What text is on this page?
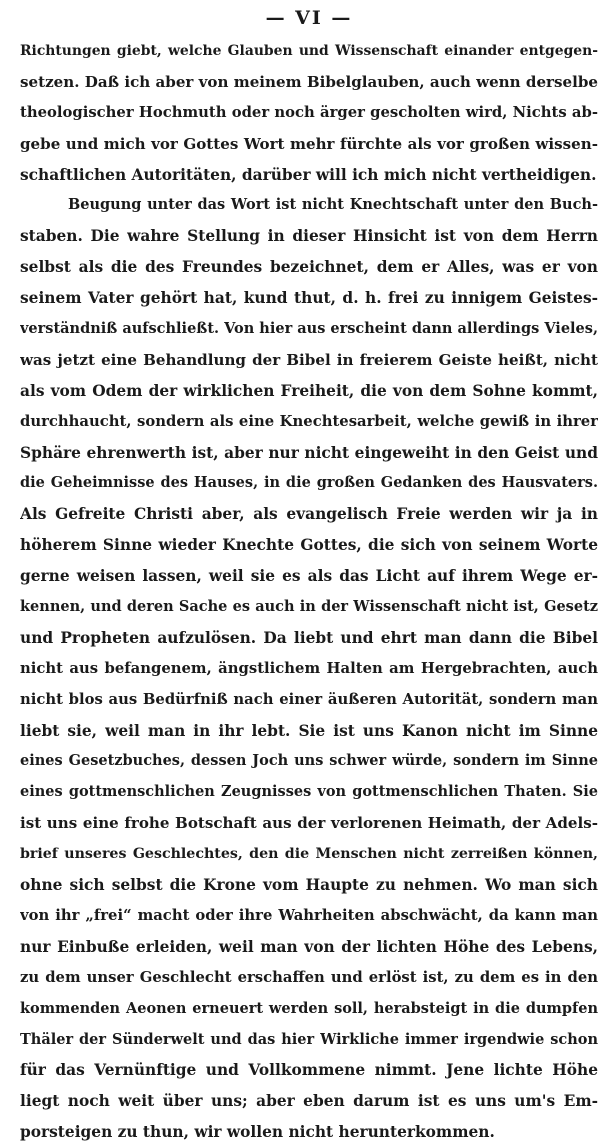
— VI —
Richtungen giebt, welche Glauben und Wissenschaft einander entgegen-
setzen. Daß ich aber von meinem Bibelglauben, auch wenn derselbe
theologischer Hochmuth oder noch ärger gescholten wird, Nichts ab-
gebe und mich vor Gottes Wort mehr fürchte als vor großen wissen-
schaftlichen Autoritäten, darüber will ich mich nicht vertheidigen.
Beugung unter das Wort ist nicht Knechtschaft unter den Buch-
staben. Die wahre Stellung in dieser Hinsicht ist von dem Herrn
selbst als die des Freundes bezeichnet, dem er Alles, was er von
seinem Vater gehört hat, kund thut, d. h. frei zu innigem Geistes-
verständniß aufschließt. Von hier aus erscheint dann allerdings Vieles,
was jetzt eine Behandlung der Bibel in freierem Geiste heißt, nicht
als vom Odem der wirklichen Freiheit, die von dem Sohne kommt,
durchhaucht, sondern als eine Knechtesarbeit, welche gewiß in ihrer
Sphäre ehrenwerth ist, aber nur nicht eingeweiht in den Geist und
die Geheimnisse des Hauses, in die großen Gedanken des Hausvaters.
Als Gefreite Christi aber, als evangelisch Freie werden wir ja in
höherem Sinne wieder Knechte Gottes, die sich von seinem Worte
gerne weisen lassen, weil sie es als das Licht auf ihrem Wege er-
kennen, und deren Sache es auch in der Wissenschaft nicht ist, Gesetz
und Propheten aufzulösen. Da liebt und ehrt man dann die Bibel
nicht aus befangenem, ängstlichem Halten am Hergebrachten, auch
nicht blos aus Bedürfniß nach einer äußeren Autorität, sondern man
liebt sie, weil man in ihr lebt. Sie ist uns Kanon nicht im Sinne
eines Gesetzbuches, dessen Joch uns schwer würde, sondern im Sinne
eines gottmenschlichen Zeugnisses von gottmenschlichen Thaten. Sie
ist uns eine frohe Botschaft aus der verlorenen Heimath, der Adels-
brief unseres Geschlechtes, den die Menschen nicht zerreißen können,
ohne sich selbst die Krone vom Haupte zu nehmen. Wo man sich
von ihr „frei“ macht oder ihre Wahrheiten abschwächt, da kann man
nur Einbuße erleiden, weil man von der lichten Höhe des Lebens,
zu dem unser Geschlecht erschaffen und erlöst ist, zu dem es in den
kommenden Aeonen erneuert werden soll, herabsteigt in die dumpfen
Thäler der Sünderwelt und das hier Wirkliche immer irgendwie schon
für das Vernünftige und Vollkommene nimmt. Jene lichte Höhe
liegt noch weit über uns; aber eben darum ist es uns um's Em-
porsteigen zu thun, wir wollen nicht herunterkommen.
